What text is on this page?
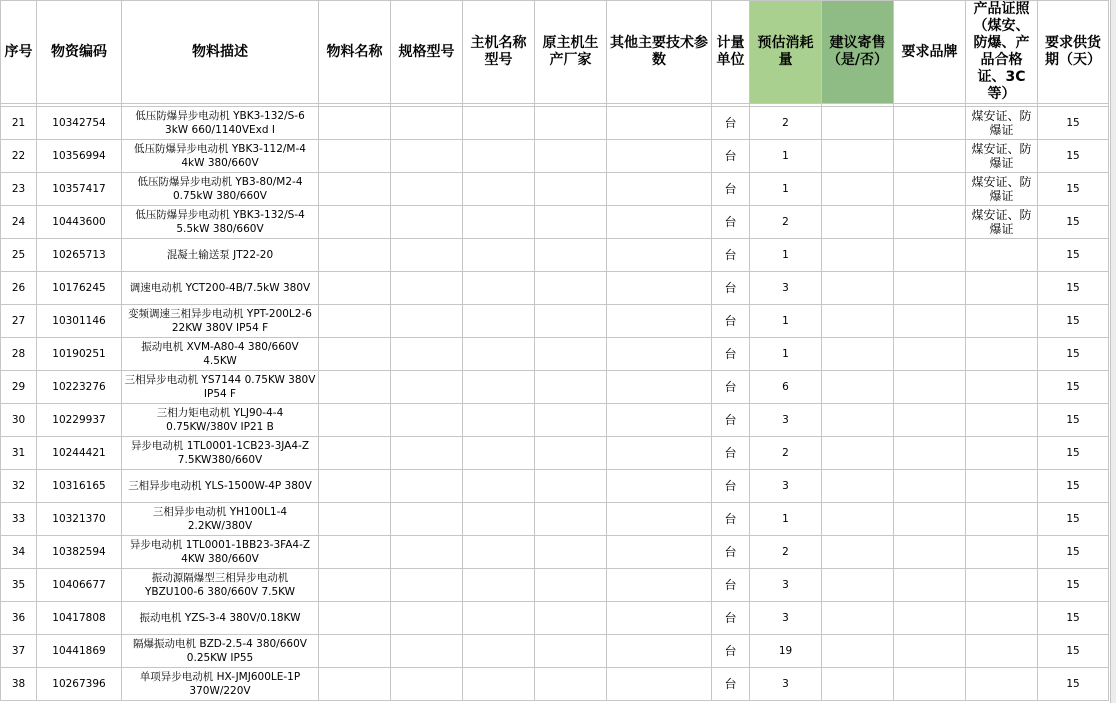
序号	物资编码	物料描述	物料名称	规格型号	主机名称型号	原主机生产厂家	其他主要技术参数	计量单位	预估消耗量	建议寄售（是/否）	要求品牌	产品证照（煤安、防爆、产品合格证、3C等）	要求供货期（天）

21	10342754	低压防爆异步电动机 YBK3-132/S-6 3kW 660/1140VExd I						台	2			煤安证、防爆证	15
22	10356994	低压防爆异步电动机 YBK3-112/M-4 4kW 380/660V						台	1			煤安证、防爆证	15
23	10357417	低压防爆异步电动机 YB3-80/M2-4 0.75kW 380/660V						台	1			煤安证、防爆证	15
24	10443600	低压防爆异步电动机 YBK3-132/S-4 5.5kW 380/660V						台	2			煤安证、防爆证	15
25	10265713	混凝土输送泵 JT22-20						台	1				15
26	10176245	调速电动机 YCT200-4B/7.5kW 380V						台	3				15
27	10301146	变频调速三相异步电动机 YPT-200L2-6 22KW 380V IP54 F						台	1				15
28	10190251	振动电机 XVM-A80-4 380/660V 4.5KW						台	1				15
29	10223276	三相异步电动机 YS7144 0.75KW 380V IP54 F						台	6				15
30	10229937	三相力矩电动机 YLJ90-4-4 0.75KW/380V IP21 B						台	3				15
31	10244421	异步电动机 1TL0001-1CB23-3JA4-Z 7.5KW380/660V						台	2				15
32	10316165	三相异步电动机 YLS-1500W-4P 380V						台	3				15
33	10321370	三相异步电动机 YH100L1-4 2.2KW/380V						台	1				15
34	10382594	异步电动机 1TL0001-1BB23-3FA4-Z 4KW 380/660V						台	2				15
35	10406677	振动源隔爆型三相异步电动机 YBZU100-6 380/660V 7.5KW						台	3				15
36	10417808	振动电机 YZS-3-4 380V/0.18KW						台	3				15
37	10441869	隔爆振动电机 BZD-2.5-4 380/660V 0.25KW IP55						台	19				15
38	10267396	单项异步电动机 HX-JMJ600LE-1P 370W/220V						台	3				15
